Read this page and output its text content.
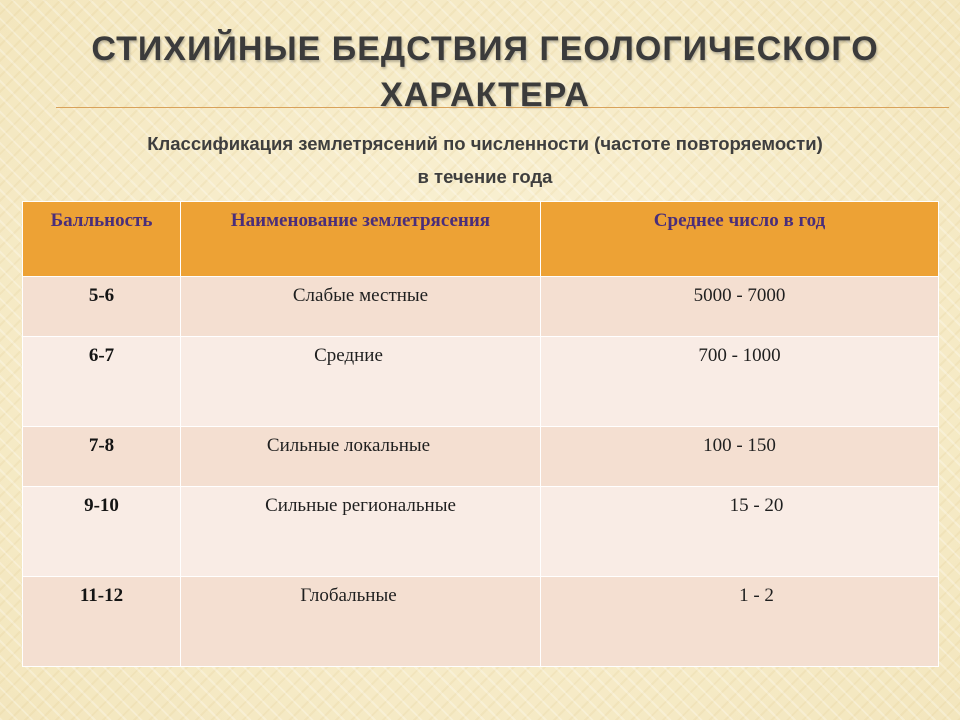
СТИХИЙНЫЕ БЕДСТВИЯ ГЕОЛОГИЧЕСКОГО
ХАРАКТЕРА
Классификация землетрясений по численности (частоте повторяемости)
в течение года
Балльность	Наименование землетрясения	Среднее число в год
5-6	Слабые местные	5000 - 7000
6-7	Средние	700 - 1000
7-8	Сильные локальные	100 - 150
9-10	Сильные региональные	15 - 20
11-12	Глобальные	1 - 2
